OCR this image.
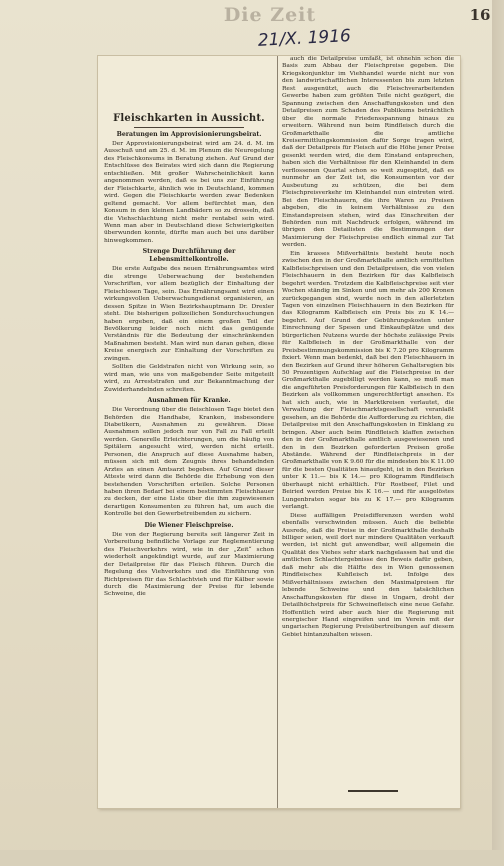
Die Zeit	16
Fleischkarten in Aussicht.
Beratungen im Approvisionierungsbeirat.
Der Approvisionierungsbeirat wird am 24. d. M. im Ausschuß und am 25. d. M. im Plenum die Neuregelung des Fleischkonsums in Beratung ziehen. Auf Grund der Entschlüsse des Beirates wird sich dann die Regierung entschließen. Mit großer Wahrscheinlichkeit kann angenommen werden, daß es bei uns zur Einführung der Fleischkarte, ähnlich wie in Deutschland, kommen wird. Gegen die Fleischkarte werden zwar Bedenken geltend gemacht. Vor allem befürchtet man, den Konsum in den kleinen Landbädern so zu drosseln, daß die Viehschlachtung nicht mehr rentabel sein wird. Wenn man aber in Deutschland diese Schwierigkeiten überwunden konnte, dürfte man auch bei uns darüber hinwegkommen.
Strenge Durchführung der Lebensmittelkontrolle.
Die erste Aufgabe des neuen Ernährungsamtes wird die strenge Ueberwachung der bestehenden Vorschriften, vor allem bezüglich der Einhaltung der Fleischlosen Tage, sein. Das Ernährungsamt wird einen wirkungsvollen Ueberwachungsdienst organisieren, an dessen Spitze in Wien Bezirkshauptmann Dr. Drexler steht. Die bisherigen polizeilichen Sondurchsuchungen haben ergeben, daß ein einem großen Teil der Bevölkerung leider noch nicht das genügende Verständnis für die Bedeutung der einschränkenden Maßnahmen besteht. Man wird nun daran gehen, diese Kreise energisch zur Einhaltung der Vorschriften zu zwingen.
Sollten die Geldstrafen nicht von Wirkung sein, so wird man, wie uns von maßgebender Seite mitgeteilt wird, zu Arreststrafen und zur Bekanntmachung der Zuwiderhandelnden schreiten.
Ausnahmen für Kranke.
Die Verordnung über die fleischlosen Tage bietet den Behörden die Handhabe, Kranken, insbesondere Diabetikern, Ausnahmen zu gewähren. Diese Ausnahmen sollen jedoch nur von Fall zu Fall erteilt werden. Generelle Erleichterungen, um die häufig von Spitälern angesucht wird, werden nicht erteilt. Personen, die Anspruch auf diese Ausnahme haben, müssen sich mit dem Zeugnis ihres behandelnden Arztes an einen Amtsarzt begeben. Auf Grund dieser Atteste wird dann die Behörde die Erhebung von den bestehenden Vorschriften erteilen. Solche Personen haben ihren Bedarf bei einem bestimmten Fleischhauer zu decken, der eine Liste über die ihm zugewiesenen derartigen Konsumenten zu führen hat, um auch die Kontrolle bei den Gewerbetreibenden zu sichern.
Die Wiener Fleischpreise.
Die von der Regierung bereits seit längerer Zeit in Vorbereitung befindliche Vorlage zur Reglementierung des Fleischverkehrs wird, wie in der „Zeit“ schon wiederholt angekündigt wurde, auf zur Maximierung der Detailpreise für das Fleisch führen. Durch die Regelung des Viehverkehrs und die Einführung von Richtpreisen für das Schlachtvieh und für Kälber sowie durch die Maximierung der Preise für lebende Schweine, die
auch die Detailpreise umfaßt, ist ohnehin schon die Basis zum Abbau der Fleischpreise gegeben. Die Kriegskonjunktur im Viehhandel wurde nicht nur von den landwirtschaftlichen Interessenten bis zum letzten Rest ausgenützt, auch die Fleischverarbeitenden Gewerbe haben zum größten Teile nicht gezögert, die Spannung zwischen den Anschaffungskosten und den Detailpreisen zum Schaden des Publikums beträchtlich über die normale Friedensspannung hinaus zu erweitern. Während nun beim Rindfleisch durch die Großmarkthalle die amtliche Kreisermittlungskommission dafür Sorge tragen wird, daß der Detailpreis für Fleisch auf die Höhe jener Preise gesenkt werden wird, die dem Einstand entsprechen, haben sich die Verhältnisse für den Kleinhandel in dem verflossenen Quartal schon so weit zugespitzt, daß es nunmehr an der Zeit ist, die Konsumenten vor der Ausbeutung zu schützen, die bei dem Fleischpreisverkehr im Kleinhandel nun eintreten wird. Bei den Fleischhauern, die ihre Waren zu Preisen abgeben, die in keinem Verhältnisse zu den Einstandspreisen stehen, wird das Einschreiten der Behörden nun mit Nachdruck erfolgen, während im übrigen den Detailisten die Bestimmungen der Maximierung der Fleischpreise endlich einmal zur Tat werden.
Ein krasses Mißverhältnis besteht heute noch zwischen den in der Großmarkthalle amtlich ermittelten Kalbfleischpreisen und den Detailpreisen, die von vielen Fleischhauern in den Bezirken für das Kalbfleisch begehrt werden. Trotzdem die Kalbfleischpreise seit vier Wochen ständig im Sinken und um mehr als 200 Kronen zurückgegangen sind, wurde noch in den allerletzten Tagen von einzelnen Fleischhauern in den Bezirken für das Kilogramm Kalbfleisch ein Preis bis zu K 14.— begehrt. Auf Grund der Gebührungskosten unter Einrechnung der Spesen und Einkaufsplätze und des bürgerlichen Nutzens wurde der höchste zulässige Preis für Kalbfleisch in der Großmarkthalle von der Preisbestimmungskommission bis K 7.20 pro Kilogramm fixiert. Wenn man bedenkt, daß bei den Fleischhauern in den Bezirken auf Grund ihrer höheren Gehaltsregien bis 50 Prozentigen Aufschlag auf die Fleischpreise in der Großmarkthalle zugebilligt werden kann, so muß man die angeführten Preisforderungen für Kalbfleisch in den Bezirken als vollkommen ungerechtfertigt ansehen. Es hat sich auch, wie in Marktkreisen verlautet, die Verwaltung der Fleischmarktsgesellschaft veranlaßt gesehen, an die Behörde die Aufforderung zu richten, die Detailpreise mit den Anschaffungskosten in Einklang zu bringen. Aber auch beim Rindfleisch klaffen zwischen den in der Großmarkthalle amtlich ausgewiesenen und den in den Bezirken geforderten Preisen große Abstände. Während der Rindfleischpreis in der Großmarkthalle von K 9.60 für die mindesten bis K 11.00 für die besten Qualitäten hinaufgeht, ist in den Bezirken unter K 11.— bis K 14.— pro Kilogramm Rindfleisch überhaupt nicht erhältlich. Für Rostbeef, Filet und Beiried werden Preise bis K 16.— und für ausgelöstes Lungenbraten sogar bis zu K 17.— pro Kilogramm verlangt.
Diese auffälligen Preisdifferenzen werden wohl ebenfalls verschwinden müssen. Auch die beliebte Ausrede, daß die Preise in der Großmarkthalle deshalb billiger seien, weil dort nur mindere Qualitäten verkauft werden, ist nicht gut anwendbar, weil allgemein die Qualität des Viehes sehr stark nachgelassen hat und die amtlichen Schlachtergebnisse den Beweis dafür geben, daß mehr als die Hälfte des in Wien genossenen Rindfleisches Kuhfleisch ist. Infolge des Mißverhältnisses zwischen den Maximalpreisen für lebende Schweine und den tatsächlichen Anschaffungskosten für diese in Ungarn, droht der Detailhöchstpreis für Schweinefleisch eine neue Gefahr. Hoffentlich wird aber auch hier die Regierung mit energischer Hand eingreifen und im Verein mit der ungarischen Regierung Preisübertreibungen auf diesem Gebiet hintanzuhalten wissen.
21/X. 1916
